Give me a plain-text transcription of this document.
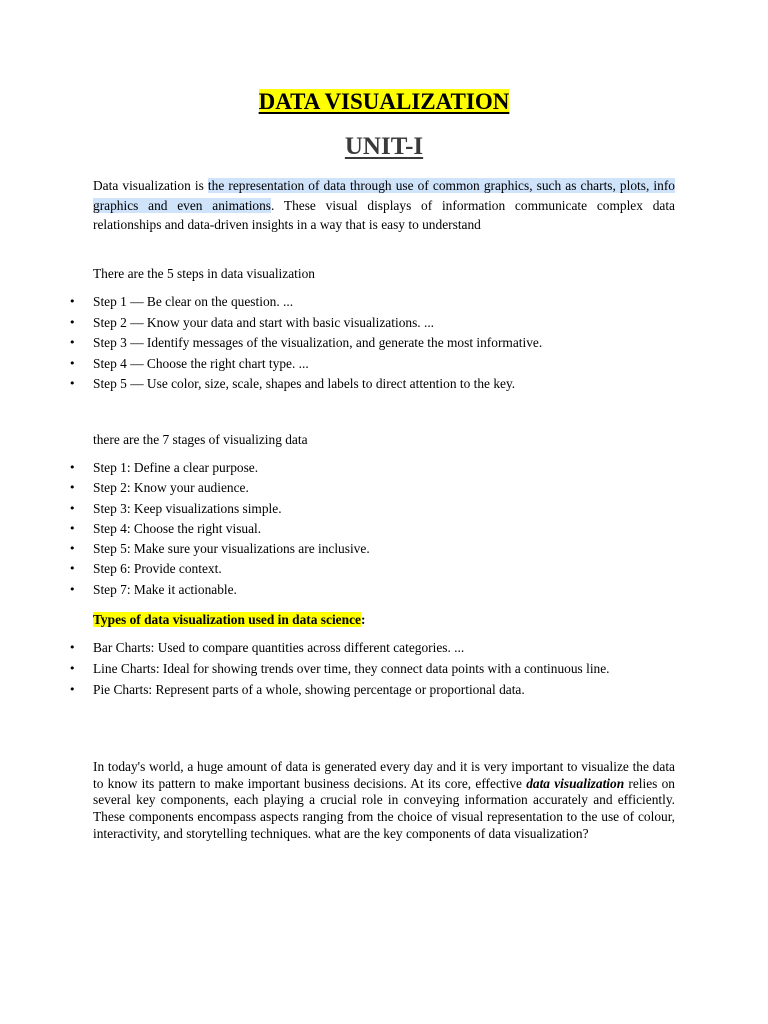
DATA VISUALIZATION
UNIT-I
Data visualization is the representation of data through use of common graphics, such as charts, plots, info graphics and even animations. These visual displays of information communicate complex data relationships and data-driven insights in a way that is easy to understand
There are the 5 steps in data visualization
• Step 1 — Be clear on the question. ...
• Step 2 — Know your data and start with basic visualizations. ...
• Step 3 — Identify messages of the visualization, and generate the most informative.
• Step 4 — Choose the right chart type. ...
• Step 5 — Use color, size, scale, shapes and labels to direct attention to the key.
there are the 7 stages of visualizing data
• Step 1: Define a clear purpose.
• Step 2: Know your audience.
• Step 3: Keep visualizations simple.
• Step 4: Choose the right visual.
• Step 5: Make sure your visualizations are inclusive.
• Step 6: Provide context.
• Step 7: Make it actionable.
Types of data visualization used in data science:
• Bar Charts: Used to compare quantities across different categories. ...
• Line Charts: Ideal for showing trends over time, they connect data points with a continuous line.
• Pie Charts: Represent parts of a whole, showing percentage or proportional data.
In today's world, a huge amount of data is generated every day and it is very important to visualize the data to know its pattern to make important business decisions. At its core, effective data visualization relies on several key components, each playing a crucial role in conveying information accurately and efficiently. These components encompass aspects ranging from the choice of visual representation to the use of colour, interactivity, and storytelling techniques. what are the key components of data visualization?
